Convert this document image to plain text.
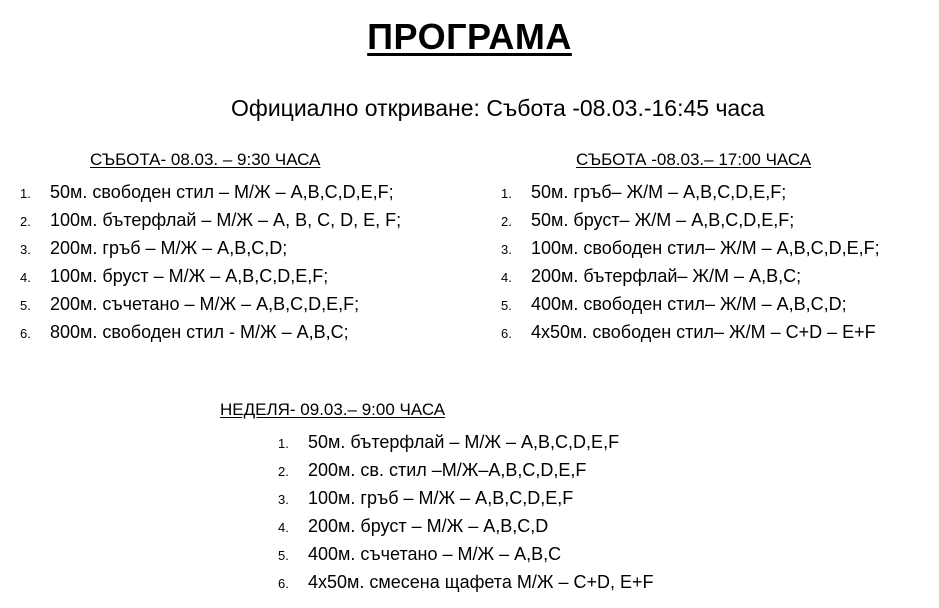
ПРОГРАМА
Официално откриване: Събота -08.03.-16:45 часа
СЪБОТА- 08.03. – 9:30 ЧАСА
1.	50м. свободен стил – М/Ж – A,B,C,D,E,F;
2.	100м. бътерфлай – М/Ж – A, B, C, D, E, F;
3.	200м. гръб – М/Ж – A,B,C,D;
4.	100м. бруст – М/Ж – A,B,C,D,E,F;
5.	200м. съчетано – М/Ж – A,B,C,D,E,F;
6.	800м. свободен стил - М/Ж – A,B,C;
СЪБОТА -08.03.– 17:00 ЧАСА
1.	50м. гръб– Ж/М – A,B,C,D,E,F;
2.	50м. бруст– Ж/М – A,B,C,D,E,F;
3.	100м. свободен стил– Ж/М – A,B,C,D,E,F;
4.	200м. бътерфлай– Ж/М – A,B,C;
5.	400м. свободен стил– Ж/М – A,B,C,D;
6.	4x50м. свободен стил– Ж/М – C+D – E+F
НЕДЕЛЯ- 09.03.– 9:00 ЧАСА
1.	50м. бътерфлай – М/Ж – A,B,C,D,E,F
2.	200м. св. стил –М/Ж–A,B,C,D,E,F
3.	100м. гръб – М/Ж – A,B,C,D,E,F
4.	200м. бруст – М/Ж – A,B,C,D
5.	400м. съчетано – М/Ж – A,B,C
6.	4x50м. смесена щафета М/Ж – C+D, E+F
